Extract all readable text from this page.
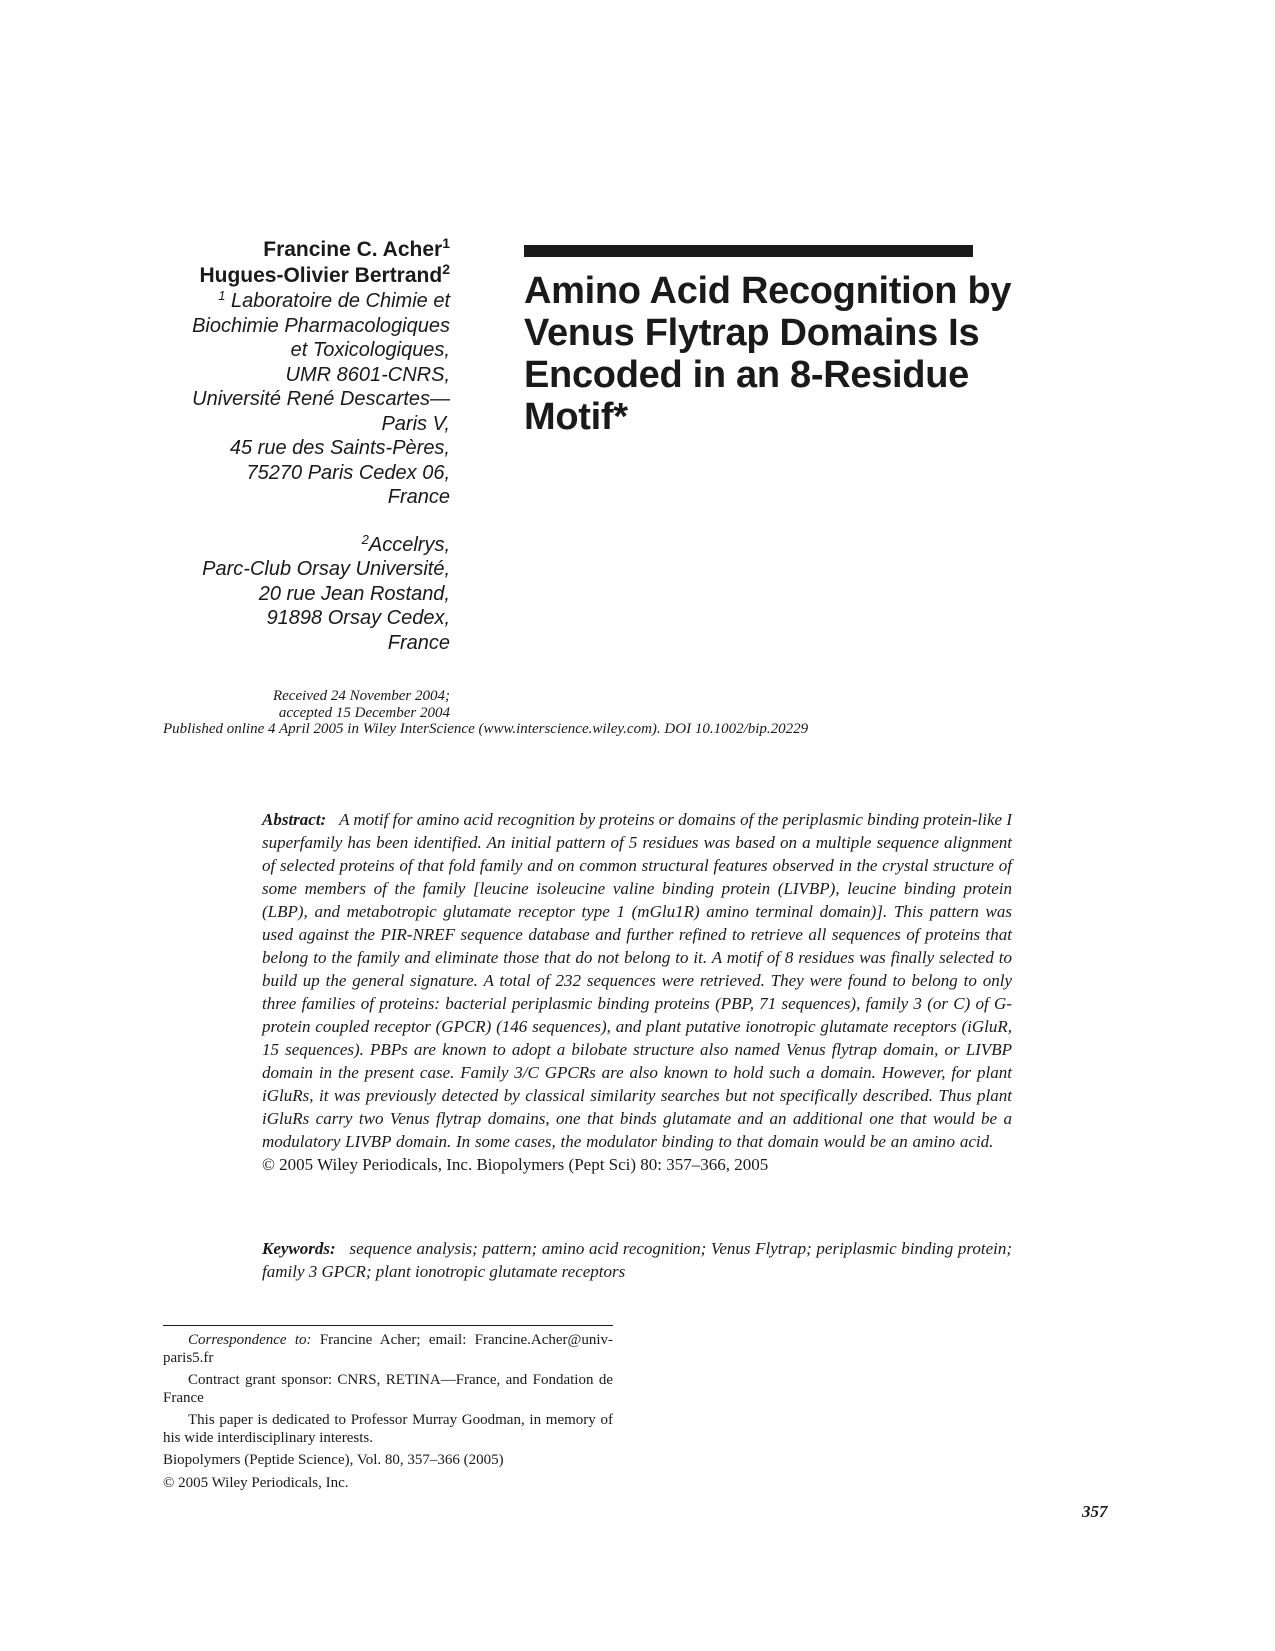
Francine C. Acher$^1$
Hugues-Olivier Bertrand$^2$
$^1$ Laboratoire de Chimie et
Biochimie Pharmacologiques
et Toxicologiques,
UMR 8601-CNRS,
Université René Descartes—
Paris V,
45 rue des Saints-Pères,
75270 Paris Cedex 06,
France
$^2$Accelrys,
Parc-Club Orsay Université,
20 rue Jean Rostand,
91898 Orsay Cedex,
France
Received 24 November 2004;
accepted 15 December 2004
Published online 4 April 2005 in Wiley InterScience (www.interscience.wiley.com). DOI 10.1002/bip.20229
Amino Acid Recognition by
Venus Flytrap Domains Is
Encoded in an 8-Residue
Motif*
Abstract: A motif for amino acid recognition by proteins or domains of the periplasmic binding protein-like I superfamily has been identified. An initial pattern of 5 residues was based on a multiple sequence alignment of selected proteins of that fold family and on common structural features observed in the crystal structure of some members of the family [leucine isoleucine valine binding protein (LIVBP), leucine binding protein (LBP), and metabotropic glutamate receptor type 1 (mGlu1R) amino terminal domain)]. This pattern was used against the PIR-NREF sequence database and further refined to retrieve all sequences of proteins that belong to the family and eliminate those that do not belong to it. A motif of 8 residues was finally selected to build up the general signature. A total of 232 sequences were retrieved. They were found to belong to only three families of proteins: bacterial periplasmic binding proteins (PBP, 71 sequences), family 3 (or C) of G-protein coupled receptor (GPCR) (146 sequences), and plant putative ionotropic glutamate receptors (iGluR, 15 sequences). PBPs are known to adopt a bilobate structure also named Venus flytrap domain, or LIVBP domain in the present case. Family 3/C GPCRs are also known to hold such a domain. However, for plant iGluRs, it was previously detected by classical similarity searches but not specifically described. Thus plant iGluRs carry two Venus flytrap domains, one that binds glutamate and an additional one that would be a modulatory LIVBP domain. In some cases, the modulator binding to that domain would be an amino acid.     © 2005 Wiley Periodicals, Inc. Biopolymers (Pept Sci) 80: 357–366, 2005
Keywords: sequence analysis; pattern; amino acid recognition; Venus Flytrap; periplasmic binding protein; family 3 GPCR; plant ionotropic glutamate receptors

Correspondence to: Francine Acher; email: Francine.Acher@univ-paris5.fr

Contract grant sponsor: CNRS, RETINA—France, and Fondation de France

This paper is dedicated to Professor Murray Goodman, in memory of his wide interdisciplinary interests.

Biopolymers (Peptide Science), Vol. 80, 357–366 (2005)

© 2005 Wiley Periodicals, Inc.

357
